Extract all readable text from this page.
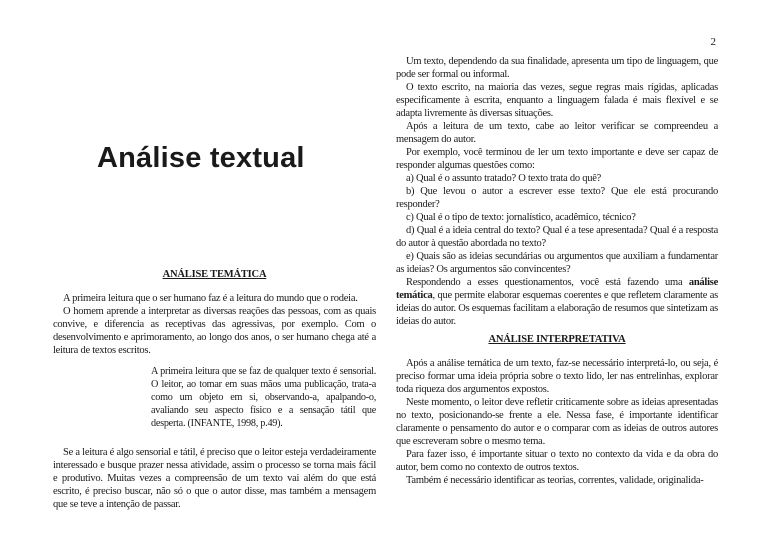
2
Análise textual
ANÁLISE TEMÁTICA

A primeira leitura que o ser humano faz é a leitura do mundo que o rodeia.

O homem aprende a interpretar as diversas reações das pessoas, com as quais convive, e diferencia as receptivas das agressivas, por exemplo. Com o desenvolvimento e aprimoramento, ao longo dos anos, o ser humano chega até a leitura de textos escritos.

A primeira leitura que se faz de qualquer texto é sensorial. O leitor, ao tomar em suas mãos uma publicação, trata-a como um objeto em si, observando-a, apalpando-o, avaliando seu aspecto físico e a sensação tátil que desperta. (INFANTE, 1998, p.49).

Se a leitura é algo sensorial e tátil, é preciso que o leitor esteja verdadeiramente interessado e busque prazer nessa atividade, assim o processo se torna mais fácil e produtivo. Muitas vezes a compreensão de um texto vai além do que está escrito, é preciso buscar, não só o que o autor disse, mas também a mensagem que se teve a intenção de passar.

Um texto, dependendo da sua finalidade, apresenta um tipo de linguagem, que pode ser formal ou informal.

O texto escrito, na maioria das vezes, segue regras mais rígidas, aplicadas especificamente à escrita, enquanto a linguagem falada é mais flexível e se adapta livremente às diversas situações.

Após a leitura de um texto, cabe ao leitor verificar se compreendeu a mensagem do autor.

Por exemplo, você terminou de ler um texto importante e deve ser capaz de responder algumas questões como:

a) Qual é o assunto tratado? O texto trata do quê?

b) Que levou o autor a escrever esse texto? Que ele está procurando responder?

c) Qual é o tipo de texto: jornalístico, acadêmico, técnico?

d) Qual é a ideia central do texto? Qual é a tese apresentada? Qual é a resposta do autor à questão abordada no texto?

e) Quais são as ideias secundárias ou argumentos que auxiliam a fundamentar as ideias? Os argumentos são convincentes?

Respondendo a esses questionamentos, você está fazendo uma análise temática, que permite elaborar esquemas coerentes e que refletem claramente as ideias do autor. Os esquemas facilitam a elaboração de resumos que sintetizam as ideias do autor.

ANÁLISE INTERPRETATIVA

Após a análise temática de um texto, faz-se necessário interpretá-lo, ou seja, é preciso formar uma ideia própria sobre o texto lido, ler nas entrelinhas, explorar toda riqueza dos argumentos expostos.

Neste momento, o leitor deve refletir criticamente sobre as ideias apresentadas no texto, posicionando-se frente a ele. Nessa fase, é importante identificar claramente o pensamento do autor e o comparar com as ideias de outros autores que escreveram sobre o mesmo tema.

Para fazer isso, é importante situar o texto no contexto da vida e da obra do autor, bem como no contexto de outros textos.

Também é necessário identificar as teorias, correntes, validade, originalida-
